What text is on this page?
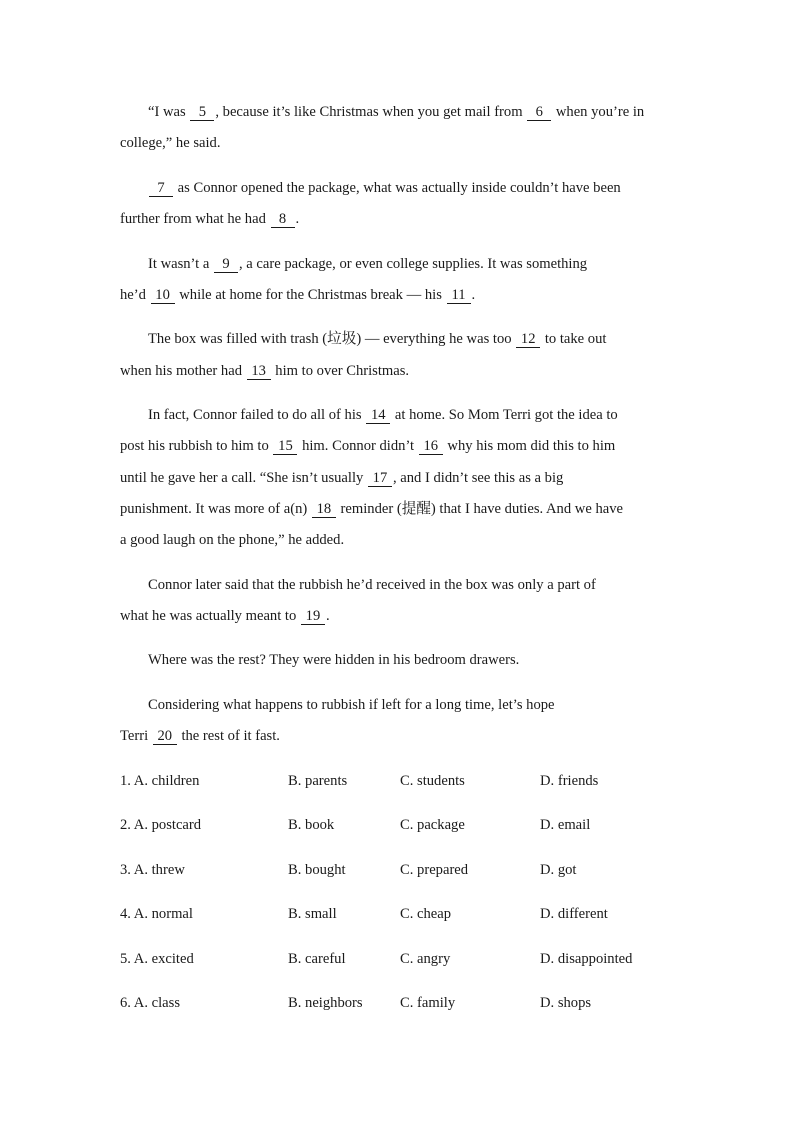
“I was 5 , because it’s like Christmas when you get mail from 6 when you’re in
college,” he said.
7 as Connor opened the package, what was actually inside couldn’t have been
further from what he had 8 .
It wasn’t a 9 , a care package, or even college supplies. It was something
he’d 10 while at home for the Christmas break — his 11 .
The box was filled with trash (垃圾) — everything he was too 12 to take out
when his mother had 13 him to over Christmas.
In fact, Connor failed to do all of his 14 at home. So Mom Terri got the idea to
post his rubbish to him to 15 him. Connor didn’t 16 why his mom did this to him
until he gave her a call. “She isn’t usually 17 , and I didn’t see this as a big
punishment. It was more of a(n) 18 reminder (提醒) that I have duties. And we have
a good laugh on the phone,” he added.
Connor later said that the rubbish he’d received in the box was only a part of
what he was actually meant to 19 .
Where was the rest? They were hidden in his bedroom drawers.
Considering what happens to rubbish if left for a long time, let’s hope
Terri 20 the rest of it fast.
1. A. children	B. parents	C. students	D. friends
2. A. postcard	B. book	C. package	D. email
3. A. threw	B. bought	C. prepared	D. got
4. A. normal	B. small	C. cheap	D. different
5. A. excited	B. careful	C. angry	D. disappointed
6. A. class	B. neighbors	C. family	D. shops
